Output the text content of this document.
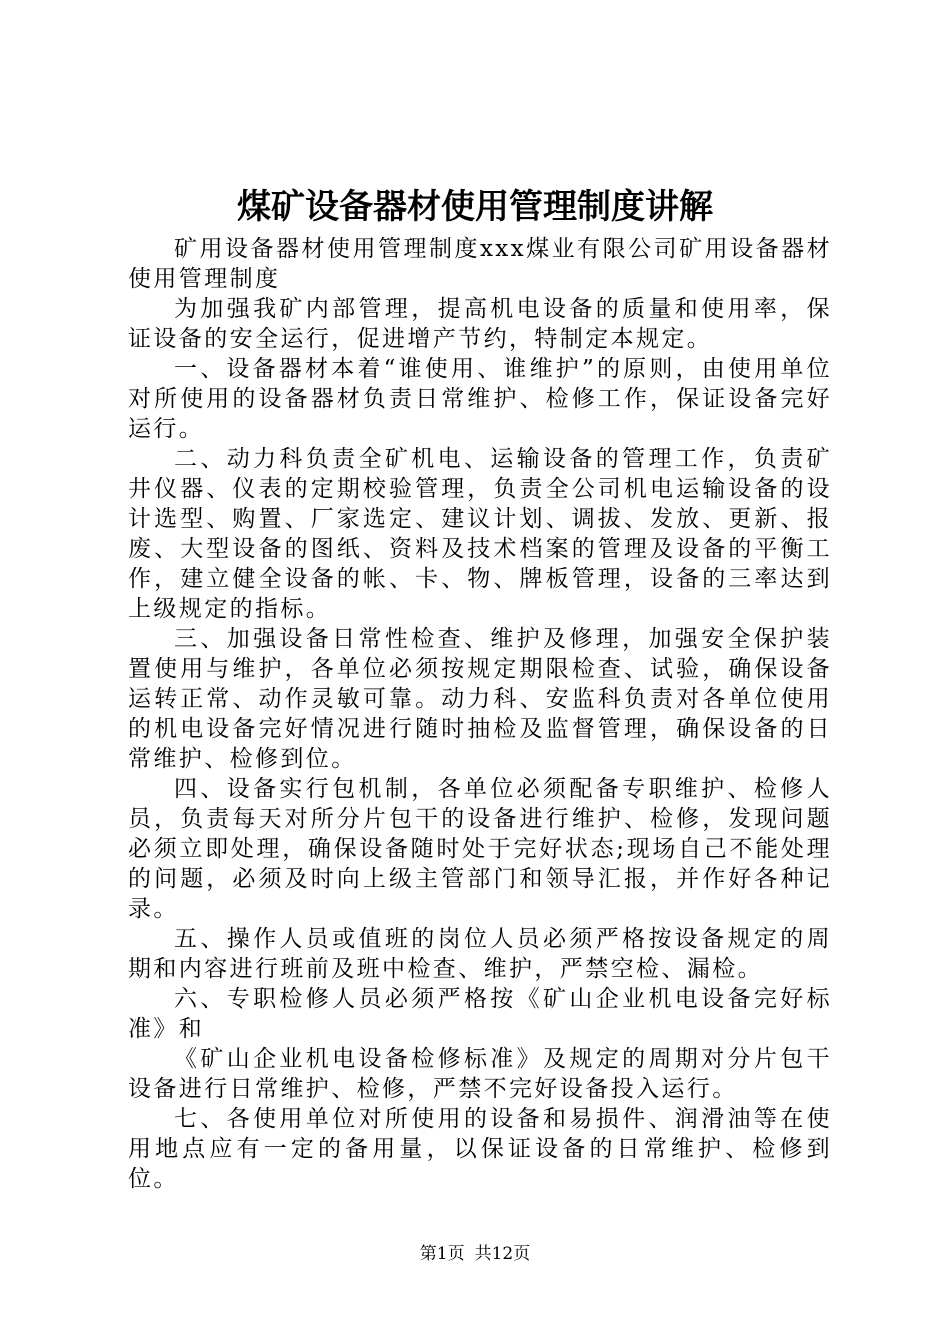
煤矿设备器材使用管理制度讲解

矿用设备器材使用管理制度xxx煤业有限公司矿用设备器材使用管理制度

为加强我矿内部管理，提高机电设备的质量和使用率，保证设备的安全运行，促进增产节约，特制定本规定。

一、设备器材本着“谁使用、谁维护”的原则，由使用单位对所使用的设备器材负责日常维护、检修工作，保证设备完好运行。

二、动力科负责全矿机电、运输设备的管理工作，负责矿井仪器、仪表的定期校验管理，负责全公司机电运输设备的设计选型、购置、厂家选定、建议计划、调拔、发放、更新、报废、大型设备的图纸、资料及技术档案的管理及设备的平衡工作，建立健全设备的帐、卡、物、牌板管理，设备的三率达到上级规定的指标。

三、加强设备日常性检查、维护及修理，加强安全保护装置使用与维护，各单位必须按规定期限检查、试验，确保设备运转正常、动作灵敏可靠。动力科、安监科负责对各单位使用的机电设备完好情况进行随时抽检及监督管理，确保设备的日常维护、检修到位。

四、设备实行包机制，各单位必须配备专职维护、检修人员，负责每天对所分片包干的设备进行维护、检修，发现问题必须立即处理，确保设备随时处于完好状态;现场自己不能处理的问题，必须及时向上级主管部门和领导汇报，并作好各种记录。

五、操作人员或值班的岗位人员必须严格按设备规定的周期和内容进行班前及班中检查、维护，严禁空检、漏检。

六、专职检修人员必须严格按《矿山企业机电设备完好标准》和

《矿山企业机电设备检修标准》及规定的周期对分片包干设备进行日常维护、检修，严禁不完好设备投入运行。

七、各使用单位对所使用的设备和易损件、润滑油等在使用地点应有一定的备用量，以保证设备的日常维护、检修到位。

第1页 共12页
